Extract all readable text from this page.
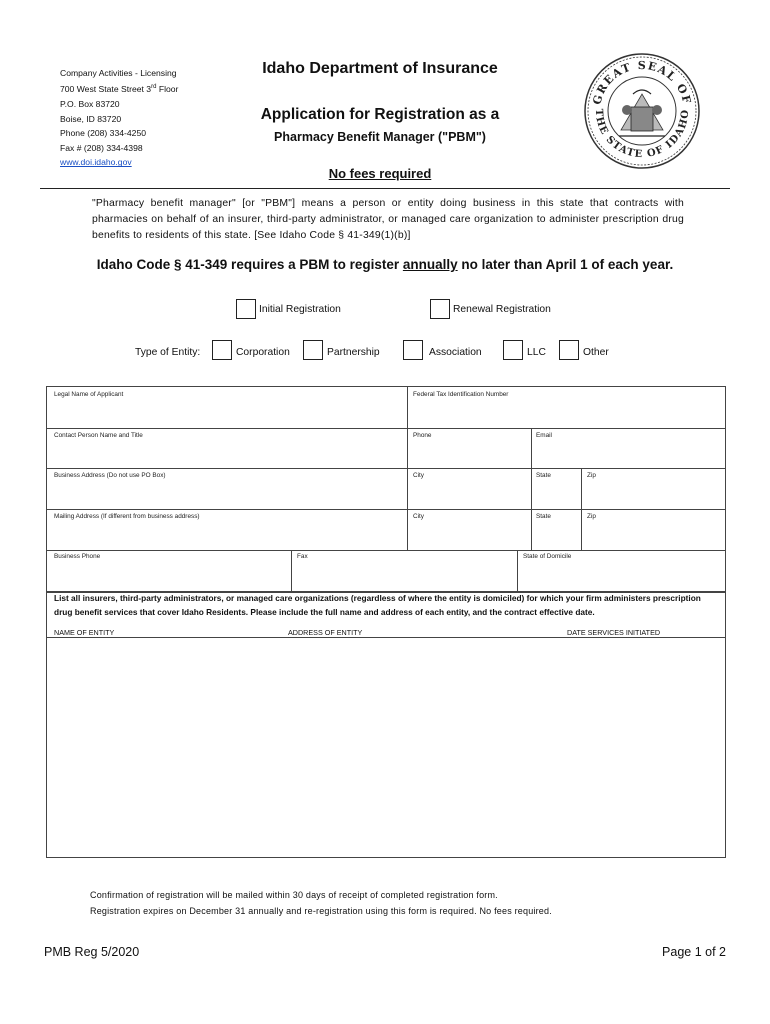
Company Activities - Licensing
700 West State Street 3rd Floor
P.O. Box 83720
Boise, ID 83720
Phone (208) 334-4250
Fax # (208) 334-4398
www.doi.idaho.gov
Idaho Department of Insurance
Application for Registration as a
Pharmacy Benefit Manager ("PBM")
No fees required
GREAT SEAL OF
THE STATE OF IDAHO
"Pharmacy benefit manager" [or "PBM"] means a person or entity doing business in this state that contracts with pharmacies on behalf of an insurer, third-party administrator, or managed care organization to administer prescription drug benefits to residents of this state. [See Idaho Code § 41-349(1)(b)]
Idaho Code § 41-349 requires a PBM to register annually no later than April 1 of each year.
Initial Registration	Renewal Registration
Type of Entity:	Corporation	Partnership	Association	LLC	Other
Legal Name of Applicant	Federal Tax Identification Number
Contact Person Name and Title	Phone	Email
Business Address (Do not use PO Box)	City	State	Zip
Mailing Address (If different from business address)	City	State	Zip
Business Phone	Fax	State of Domicile
List all insurers, third-party administrators, or managed care organizations (regardless of where the entity is domiciled) for which your firm administers prescription drug benefit services that cover Idaho Residents. Please include the full name and address of each entity, and the contract effective date.
NAME OF ENTITY	ADDRESS OF ENTITY	DATE SERVICES INITIATED
Confirmation of registration will be mailed within 30 days of receipt of completed registration form.
Registration expires on December 31 annually and re-registration using this form is required. No fees required.
PMB Reg 5/2020	Page 1 of 2
